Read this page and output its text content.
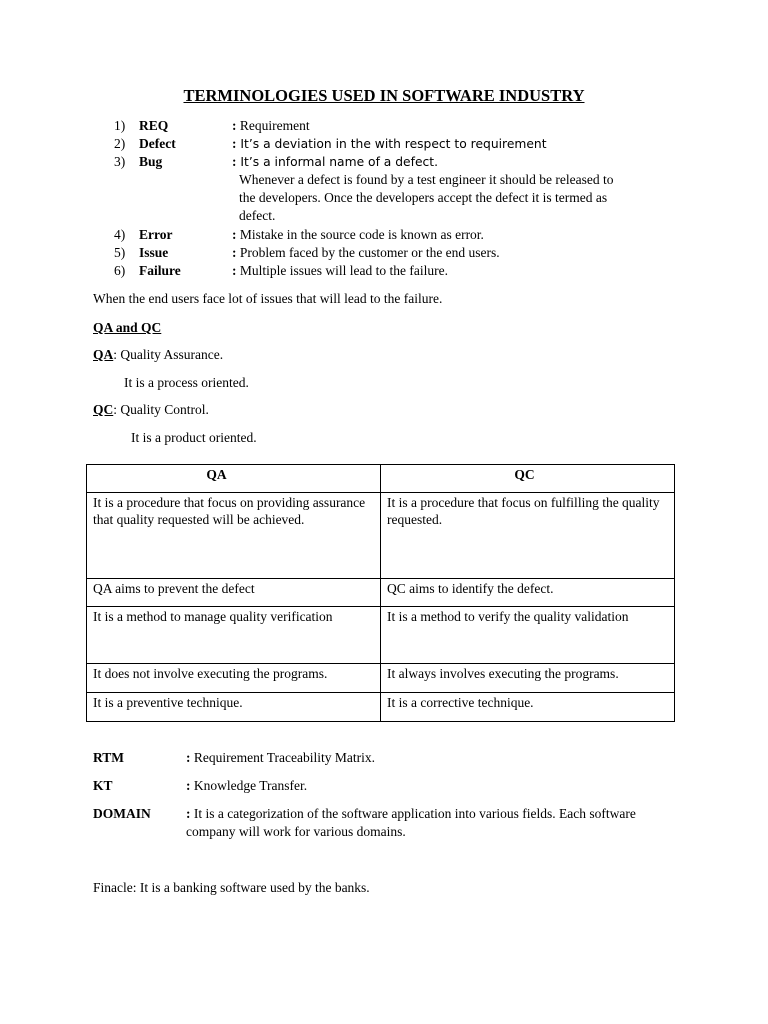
TERMINOLOGIES USED IN SOFTWARE INDUSTRY
1) REQ	: Requirement
2) Defect	: It’s a deviation in the with respect to requirement
3) Bug	: It’s a informal name of a defect.
Whenever a defect is found by a test engineer it should be released to
the developers. Once the developers accept the defect it is termed as
defect.
4) Error	: Mistake in the source code is known as error.
5) Issue	: Problem faced by the customer or the end users.
6) Failure	: Multiple issues will lead to the failure.
When the end users face lot of issues that will lead to the failure.
QA and QC
QA: Quality Assurance.
It is a process oriented.
QC: Quality Control.
It is a product oriented.
QA	QC
It is a procedure that focus on providing assurance that quality requested will be achieved.	It is a procedure that focus on fulfilling the quality requested.
QA aims to prevent the defect	QC aims to identify the defect.
It is a method to manage quality verification	It is a method to verify the quality validation
It does not involve executing the programs.	It always involves executing the programs.
It is a preventive technique.	It is a corrective technique.
RTM	: Requirement Traceability Matrix.
KT	: Knowledge Transfer.
DOMAIN	: It is a categorization of the software application into various fields. Each software company will work for various domains.
Finacle: It is a banking software used by the banks.
